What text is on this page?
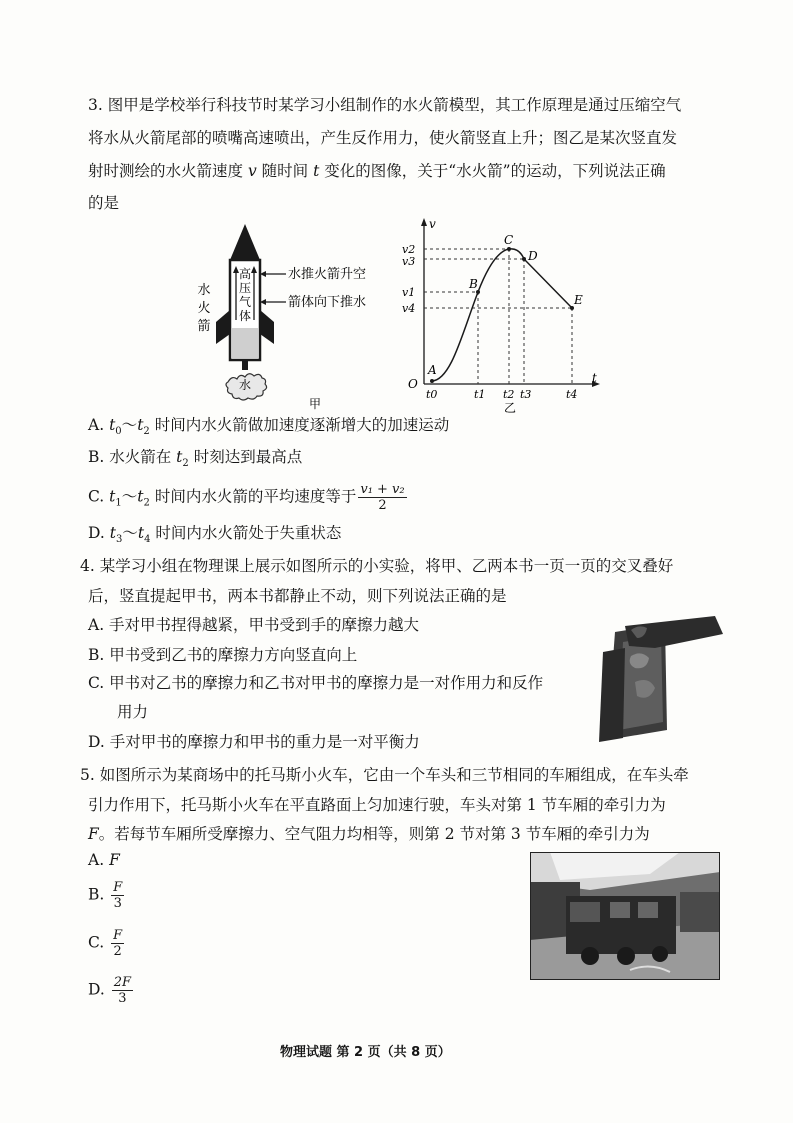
3. 图甲是学校举行科技节时某学习小组制作的水火箭模型，其工作原理是通过压缩空气
将水从火箭尾部的喷嘴高速喷出，产生反作用力，使火箭竖直上升；图乙是某次竖直发
射时测绘的水火箭速度 v 随时间 t 变化的图像，关于“水火箭”的运动，下列说法正确
的是
高
压
气
体
水
火
箭
水推火箭升空
箭体向下推水
水
甲
v
t
O
A
B
C
D
E
v2
v3
v1
v4
t0	t1 t2 t3	t4
乙
A. $t_0\sim t_2$ 时间内水火箭做加速度逐渐增大的加速运动
B. 水火箭在 $t_2$ 时刻达到最高点
C. $t_1\sim t_2$ 时间内水火箭的平均速度等于 $\frac{\text{v₁ + v₂}}{2}$
D. $t_3\sim t_4$ 时间内水火箭处于失重状态
4. 某学习小组在物理课上展示如图所示的小实验，将甲、乙两本书一页一页的交叉叠好
后，竖直提起甲书，两本书都静止不动，则下列说法正确的是
A. 手对甲书捏得越紧，甲书受到手的摩擦力越大
B. 甲书受到乙书的摩擦力方向竖直向上
C. 甲书对乙书的摩擦力和乙书对甲书的摩擦力是一对作用力和反作
用力
D. 手对甲书的摩擦力和甲书的重力是一对平衡力
5. 如图所示为某商场中的托马斯小火车，它由一个车头和三节相同的车厢组成，在车头牵
引力作用下，托马斯小火车在平直路面上匀加速行驶，车头对第 1 节车厢的牵引力为
F。若每节车厢所受摩擦力、空气阻力均相等，则第 2 节对第 3 节车厢的牵引力为
A. F
B. $\frac{F}{3}$
C. $\frac{F}{2}$
D. $\frac{2F}{3}$
物理试题 第 2 页（共 8 页）
